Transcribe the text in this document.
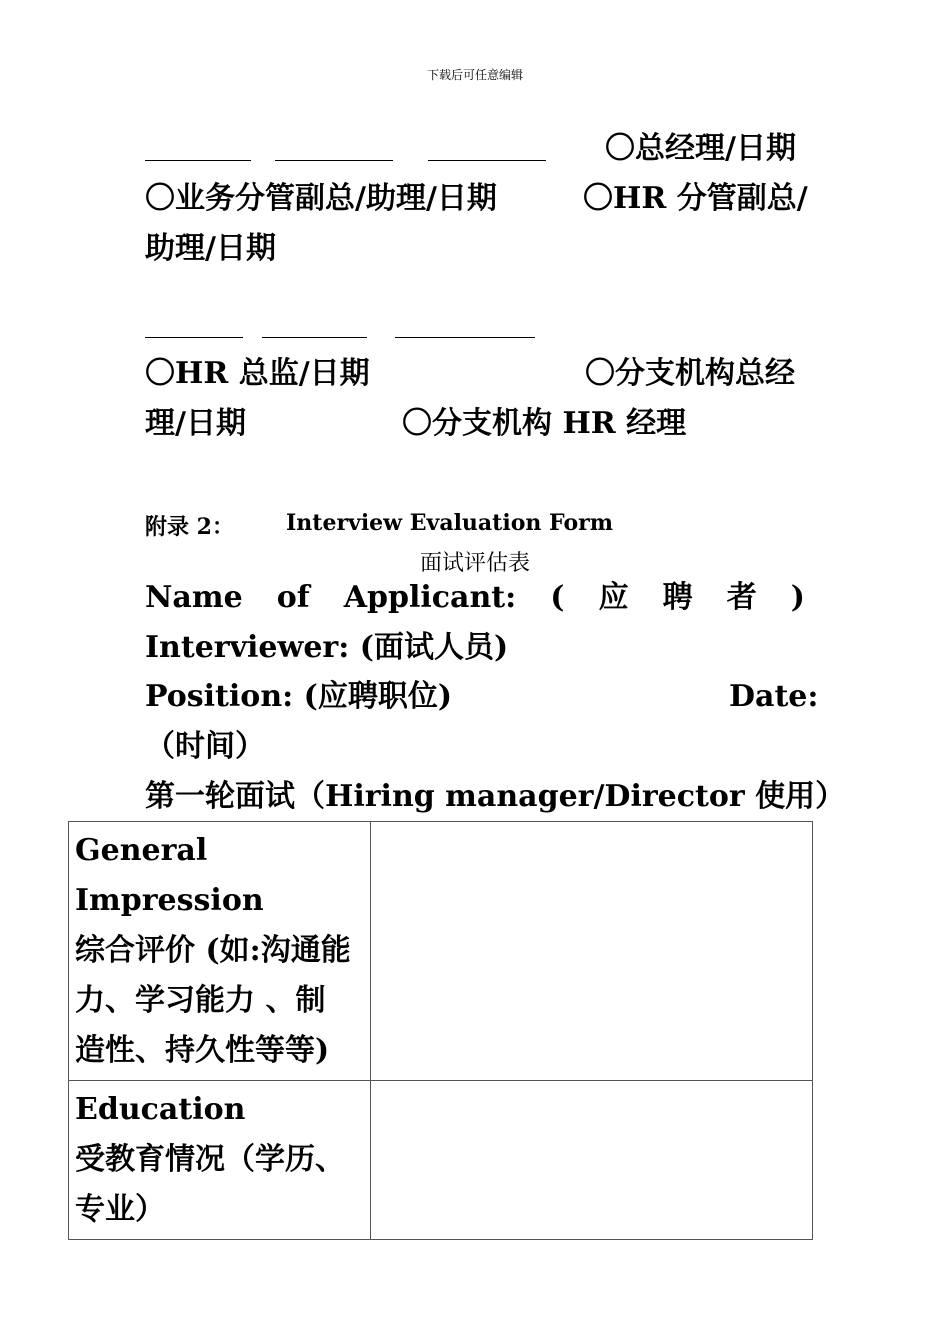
下载后可任意编辑
〇总经理/日期
〇业务分管副总/助理/日期	〇HR 分管副总/
助理/日期
〇HR 总监/日期	〇分支机构总经
理/日期	〇分支机构 HR 经理
附录 2： Interview Evaluation Form
面试评估表
Name of Applicant: ( 应 聘 者 )
Interviewer: (面试人员)
Position: (应聘职位)	Date:
（时间）
第一轮面试（Hiring manager/Director 使用）
General Impression
综合评价 (如:沟通能
力、学习能力 、制
造性、持久性等等)	

Education
受教育情况（学历、
专业）	
